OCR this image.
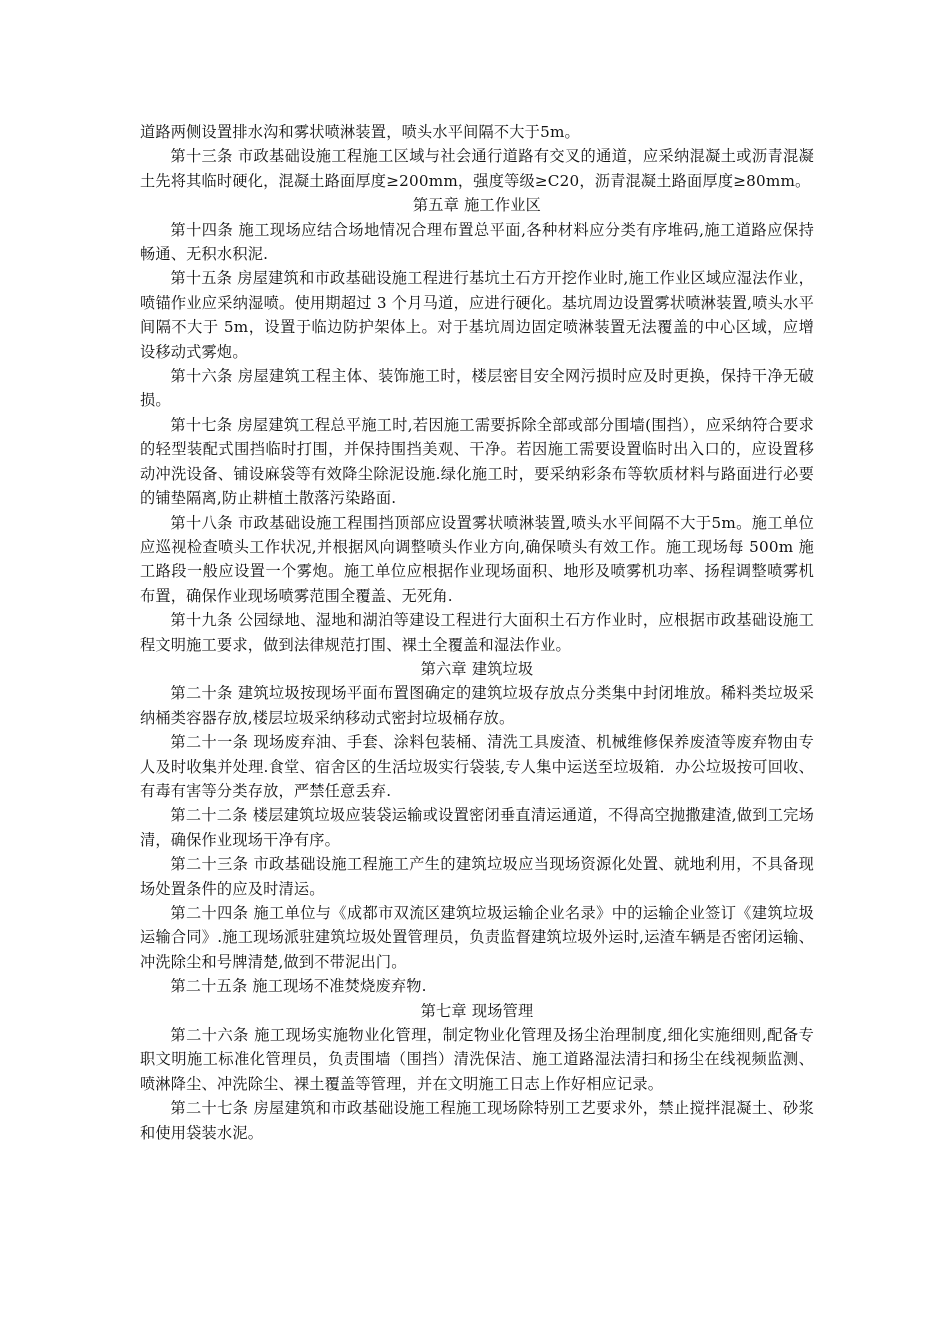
道路两侧设置排水沟和雾状喷淋装置，喷头水平间隔不大于5m。

第十三条 市政基础设施工程施工区域与社会通行道路有交叉的通道，应采纳混凝土或沥青混凝土先将其临时硬化，混凝土路面厚度≥200mm，强度等级≥C20，沥青混凝土路面厚度≥80mm。

第五章 施工作业区

第十四条 施工现场应结合场地情况合理布置总平面,各种材料应分类有序堆码,施工道路应保持畅通、无积水积泥.

第十五条 房屋建筑和市政基础设施工程进行基坑土石方开挖作业时,施工作业区域应湿法作业，喷锚作业应采纳湿喷。使用期超过 3 个月马道，应进行硬化。基坑周边设置雾状喷淋装置,喷头水平间隔不大于 5m，设置于临边防护架体上。对于基坑周边固定喷淋装置无法覆盖的中心区域，应增设移动式雾炮。

第十六条 房屋建筑工程主体、装饰施工时，楼层密目安全网污损时应及时更换，保持干净无破损。

第十七条 房屋建筑工程总平施工时,若因施工需要拆除全部或部分围墙(围挡），应采纳符合要求的轻型装配式围挡临时打围，并保持围挡美观、干净。若因施工需要设置临时出入口的，应设置移动冲洗设备、铺设麻袋等有效降尘除泥设施.绿化施工时，要采纳彩条布等软质材料与路面进行必要的铺垫隔离,防止耕植土散落污染路面.

第十八条 市政基础设施工程围挡顶部应设置雾状喷淋装置,喷头水平间隔不大于5m。施工单位应巡视检查喷头工作状况,并根据风向调整喷头作业方向,确保喷头有效工作。施工现场每 500m 施工路段一般应设置一个雾炮。施工单位应根据作业现场面积、地形及喷雾机功率、扬程调整喷雾机布置，确保作业现场喷雾范围全覆盖、无死角.

第十九条 公园绿地、湿地和湖泊等建设工程进行大面积土石方作业时，应根据市政基础设施工程文明施工要求，做到法律规范打围、裸土全覆盖和湿法作业。

第六章 建筑垃圾

第二十条 建筑垃圾按现场平面布置图确定的建筑垃圾存放点分类集中封闭堆放。稀料类垃圾采纳桶类容器存放,楼层垃圾采纳移动式密封垃圾桶存放。

第二十一条 现场废弃油、手套、涂料包装桶、清洗工具废渣、机械维修保养废渣等废弃物由专人及时收集并处理.食堂、宿舍区的生活垃圾实行袋装,专人集中运送至垃圾箱．办公垃圾按可回收、有毒有害等分类存放，严禁任意丢弃.

第二十二条 楼层建筑垃圾应装袋运输或设置密闭垂直清运通道，不得高空抛撒建渣,做到工完场清，确保作业现场干净有序。

第二十三条 市政基础设施工程施工产生的建筑垃圾应当现场资源化处置、就地利用，不具备现场处置条件的应及时清运。

第二十四条 施工单位与《成都市双流区建筑垃圾运输企业名录》中的运输企业签订《建筑垃圾运输合同》.施工现场派驻建筑垃圾处置管理员，负责监督建筑垃圾外运时,运渣车辆是否密闭运输、冲洗除尘和号牌清楚,做到不带泥出门。

第二十五条 施工现场不准焚烧废弃物.

第七章 现场管理

第二十六条 施工现场实施物业化管理，制定物业化管理及扬尘治理制度,细化实施细则,配备专职文明施工标准化管理员，负责围墙（围挡）清洗保洁、施工道路湿法清扫和扬尘在线视频监测、喷淋降尘、冲洗除尘、裸土覆盖等管理，并在文明施工日志上作好相应记录。

第二十七条 房屋建筑和市政基础设施工程施工现场除特别工艺要求外，禁止搅拌混凝土、砂浆和使用袋装水泥。
